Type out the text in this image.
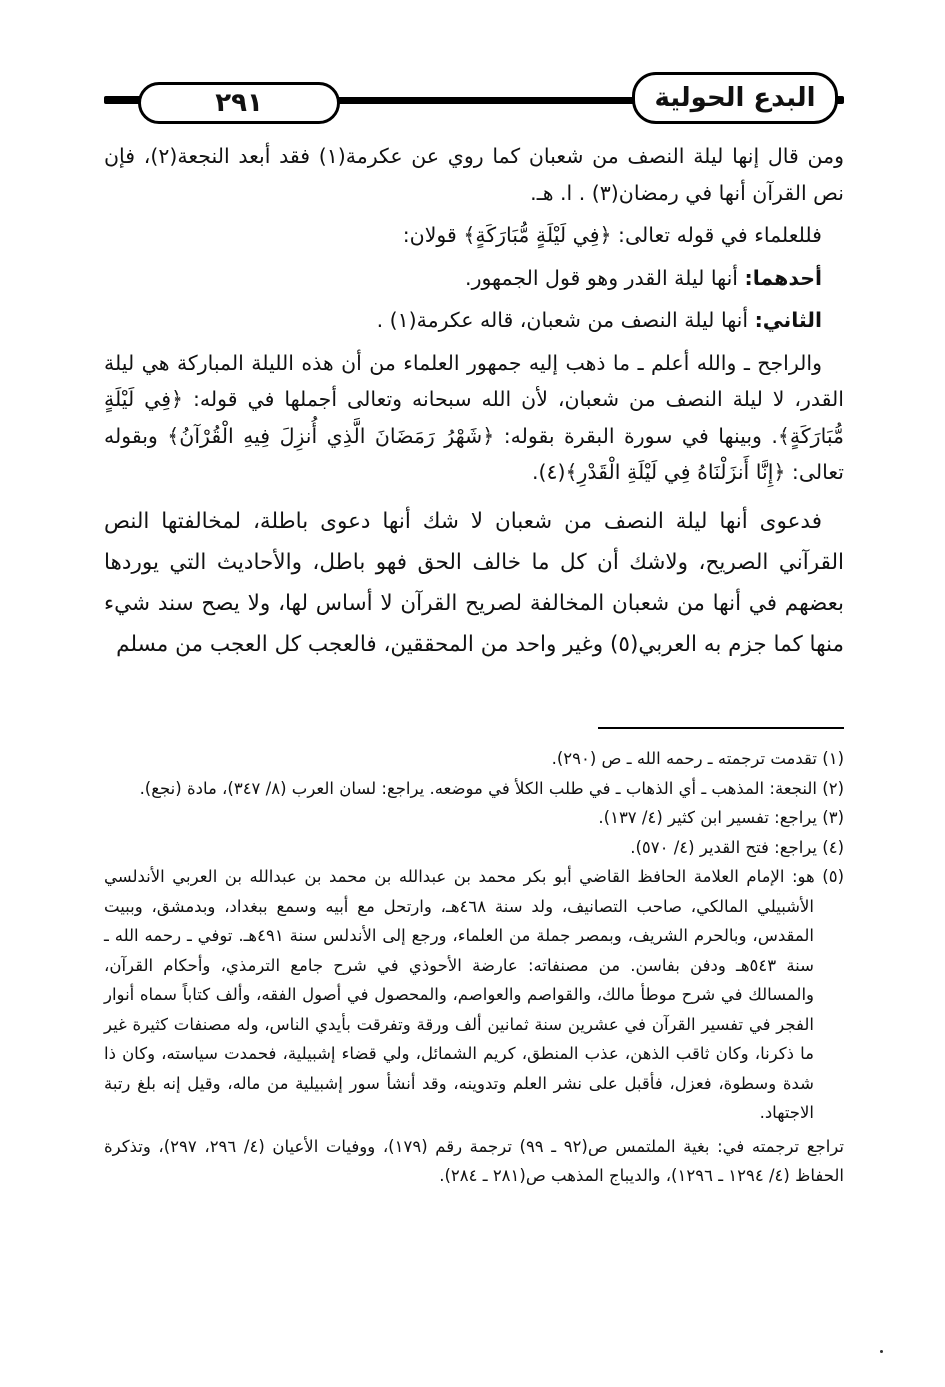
٢٩١	البدع الحولية

ومن قال إنها ليلة النصف من شعبان كما روي عن عكرمة(١) فقد أبعد النجعة(٢)، فإن نص القرآن أنها في رمضان(٣) . ا. هـ.

فللعلماء في قوله تعالى: ﴿فِي لَيْلَةٍ مُّبَارَكَةٍ﴾ قولان:

أحدهما: أنها ليلة القدر وهو قول الجمهور.

الثاني: أنها ليلة النصف من شعبان، قاله عكرمة(١) .

والراجح ـ والله أعلم ـ ما ذهب إليه جمهور العلماء من أن هذه الليلة المباركة هي ليلة القدر، لا ليلة النصف من شعبان، لأن الله سبحانه وتعالى أجملها في قوله: ﴿فِي لَيْلَةٍ مُّبَارَكَةٍ﴾. وبينها في سورة البقرة بقوله: ﴿شَهْرُ رَمَضَانَ الَّذِي أُنزِلَ فِيهِ الْقُرْآنُ﴾ وبقوله تعالى: ﴿إِنَّا أَنزَلْنَاهُ فِي لَيْلَةِ الْقَدْرِ﴾(٤).

فدعوى أنها ليلة النصف من شعبان لا شك أنها دعوى باطلة، لمخالفتها النص القرآني الصريح، ولاشك أن كل ما خالف الحق فهو باطل، والأحاديث التي يوردها بعضهم في أنها من شعبان المخالفة لصريح القرآن لا أساس لها، ولا يصح سند شيء منها كما جزم به العربي(٥) وغير واحد من المحققين، فالعجب كل العجب من مسلم

(١) تقدمت ترجمته ـ رحمه الله ـ ص (٢٩٠).

(٢) النجعة: المذهب ـ أي الذهاب ـ في طلب الكلأ في موضعه. يراجع: لسان العرب (٨/ ٣٤٧)، مادة (نجع).

(٣) يراجع: تفسير ابن كثير (٤/ ١٣٧).

(٤) يراجع: فتح القدير (٤/ ٥٧٠).

(٥) هو: الإمام العلامة الحافظ القاضي أبو بكر محمد بن عبدالله بن محمد بن عبدالله بن العربي الأندلسي الأشبيلي المالكي، صاحب التصانيف، ولد سنة ٤٦٨هـ، وارتحل مع أبيه وسمع ببغداد، وبدمشق، وببيت المقدس، وبالحرم الشريف، وبمصر جملة من العلماء، ورجع إلى الأندلس سنة ٤٩١هـ. توفي ـ رحمه الله ـ سنة ٥٤٣هـ ودفن بفاسن. من مصنفاته: عارضة الأحوذي في شرح جامع الترمذي، وأحكام القرآن، والمسالك في شرح موطأ مالك، والقواصم والعواصم، والمحصول في أصول الفقه، وألف كتاباً سماه أنوار الفجر في تفسير القرآن في عشرين سنة ثمانين ألف ورقة وتفرقت بأيدي الناس، وله مصنفات كثيرة غير ما ذكرنا، وكان ثاقب الذهن، عذب المنطق، كريم الشمائل، ولي قضاء إشبيلية، فحمدت سياسته، وكان ذا شدة وسطوة، فعزل، فأقبل على نشر العلم وتدوينه، وقد أنشأ سور إشبيلية من ماله، وقيل إنه بلغ رتبة الاجتهاد.

تراجع ترجمته في: بغية الملتمس ص(٩٢ ـ ٩٩) ترجمة رقم (١٧٩)، ووفيات الأعيان (٤/ ٢٩٦، ٢٩٧)، وتذكرة الحفاظ (٤/ ١٢٩٤ ـ ١٢٩٦)، والديباج المذهب ص(٢٨١ ـ ٢٨٤).
